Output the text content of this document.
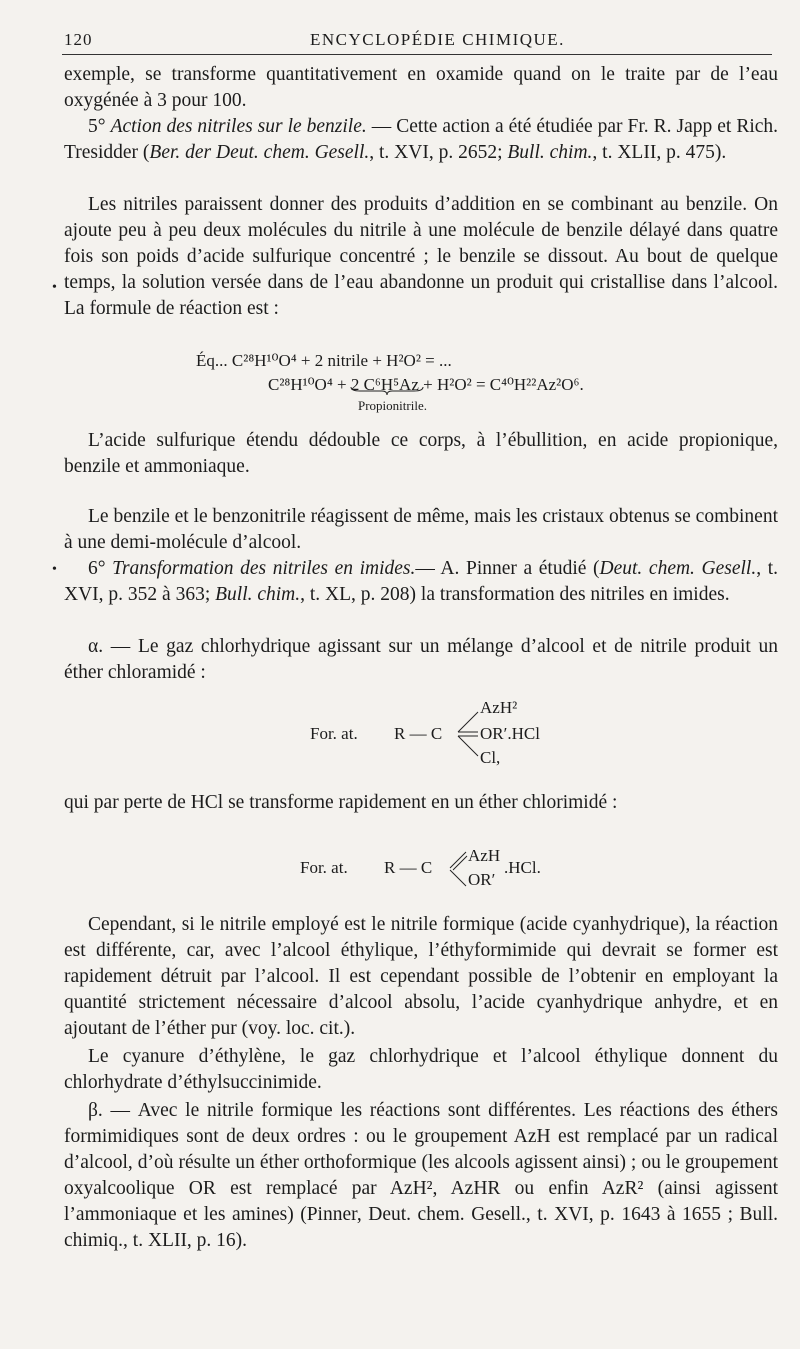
120	ENCYCLOPÉDIE CHIMIQUE.

exemple, se transforme quantitativement en oxamide quand on le traite par de l’eau oxygénée à 3 pour 100.

5° Action des nitriles sur le benzile. — Cette action a été étudiée par Fr. R. Japp et Rich. Tresidder (Ber. der Deut. chem. Gesell., t. XVI, p. 2652; Bull. chim., t. XLII, p. 475).

Les nitriles paraissent donner des produits d’addition en se combinant au benzile. On ajoute peu à peu deux molécules du nitrile à une molécule de benzile délayé dans quatre fois son poids d’acide sulfurique concentré ; le benzile se dissout. Au bout de quelque temps, la solution versée dans de l’eau abandonne un produit qui cristallise dans l’alcool. La formule de réaction est :

•
Éq... C²⁸H¹⁰O⁴ + 2 nitrile + H²O² = ...
C²⁸H¹⁰O⁴ + 2 C⁶H⁵Az + H²O² = C⁴⁰H²²Az²O⁶.
Propionitrile.

L’acide sulfurique étendu dédouble ce corps, à l’ébullition, en acide propionique, benzile et ammoniaque.

Le benzile et le benzonitrile réagissent de même, mais les cristaux obtenus se combinent à une demi-molécule d’alcool.

•	6° Transformation des nitriles en imides.— A. Pinner a étudié (Deut. chem. Gesell., t. XVI, p. 352 à 363; Bull. chim., t. XL, p. 208) la transformation des nitriles en imides.

α. — Le gaz chlorhydrique agissant sur un mélange d’alcool et de nitrile produit un éther chloramidé :

For. at. R — C
AzH²
OR′.HCl
Cl,

qui par perte de HCl se transforme rapidement en un éther chlorimidé :

For. at. R — C
AzH
OR′
.HCl.

Cependant, si le nitrile employé est le nitrile formique (acide cyanhydrique), la réaction est différente, car, avec l’alcool éthylique, l’éthyformimide qui devrait se former est rapidement détruit par l’alcool. Il est cependant possible de l’obtenir en employant la quantité strictement nécessaire d’alcool absolu, l’acide cyanhydrique anhydre, et en ajoutant de l’éther pur (voy. loc. cit.).

Le cyanure d’éthylène, le gaz chlorhydrique et l’alcool éthylique donnent du chlorhydrate d’éthylsuccinimide.

β. — Avec le nitrile formique les réactions sont différentes. Les réactions des éthers formimidiques sont de deux ordres : ou le groupement AzH est remplacé par un radical d’alcool, d’où résulte un éther orthoformique (les alcools agissent ainsi) ; ou le groupement oxyalcoolique OR est remplacé par AzH², AzHR ou enfin AzR² (ainsi agissent l’ammoniaque et les amines) (Pinner, Deut. chem. Gesell., t. XVI, p. 1643 à 1655 ; Bull. chimiq., t. XLII, p. 16).
